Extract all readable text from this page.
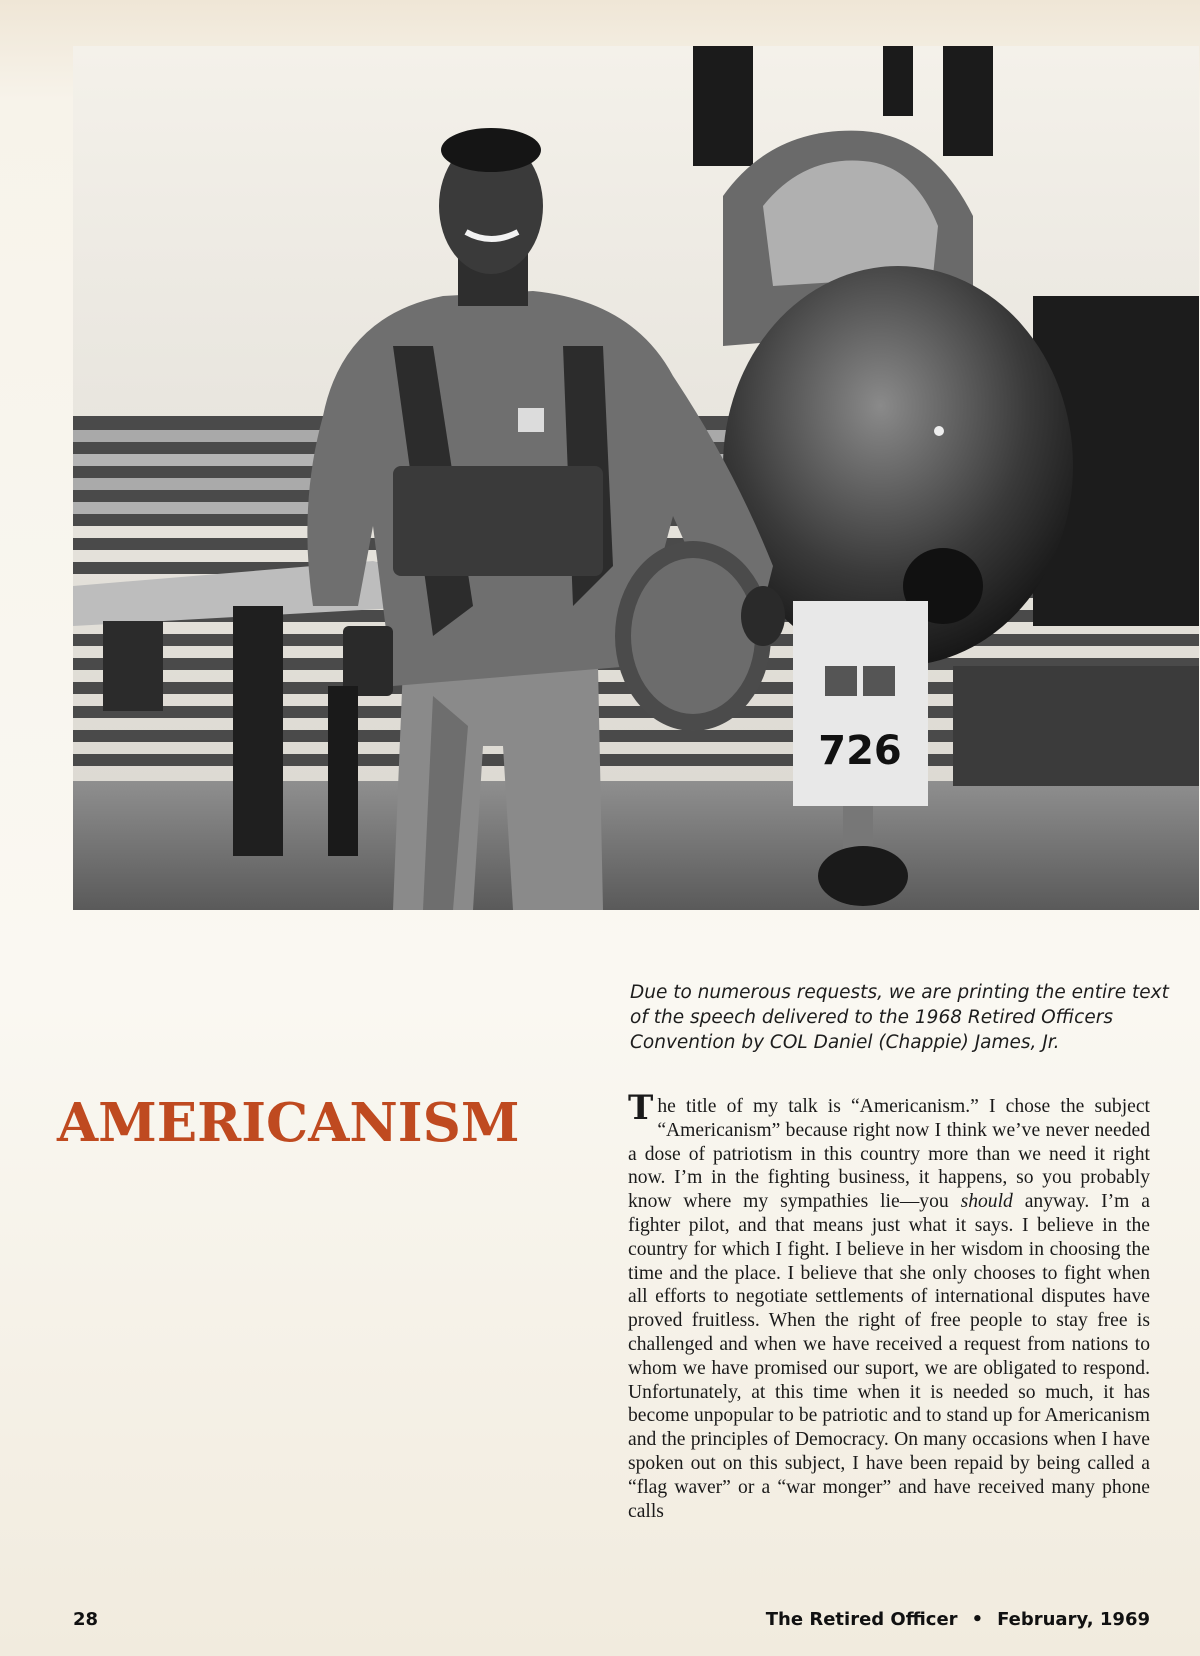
726
Due to numerous requests, we are printing the entire text of the speech delivered to the 1968 Retired Officers Convention by COL Daniel (Chappie) James, Jr.
AMERICANISM	The title of my talk is “Americanism.” I chose the subject “Americanism” because right now I think we’ve never needed a dose of patriotism in this country more than we need it right now. I’m in the fighting business, it happens, so you probably know where my sympathies lie—you should anyway. I’m a fighter pilot, and that means just what it says. I believe in the country for which I fight. I believe in her wisdom in choosing the time and the place. I believe that she only chooses to fight when all efforts to negotiate settlements of international disputes have proved fruitless. When the right of free people to stay free is challenged and when we have received a request from nations to whom we have promised our suport, we are obligated to respond. Unfortunately, at this time when it is needed so much, it has become unpopular to be patriotic and to stand up for Americanism and the principles of Democracy. On many occasions when I have spoken out on this subject, I have been repaid by being called a “flag waver” or a “war monger” and have received many phone calls

28	The Retired Officer • February, 1969
